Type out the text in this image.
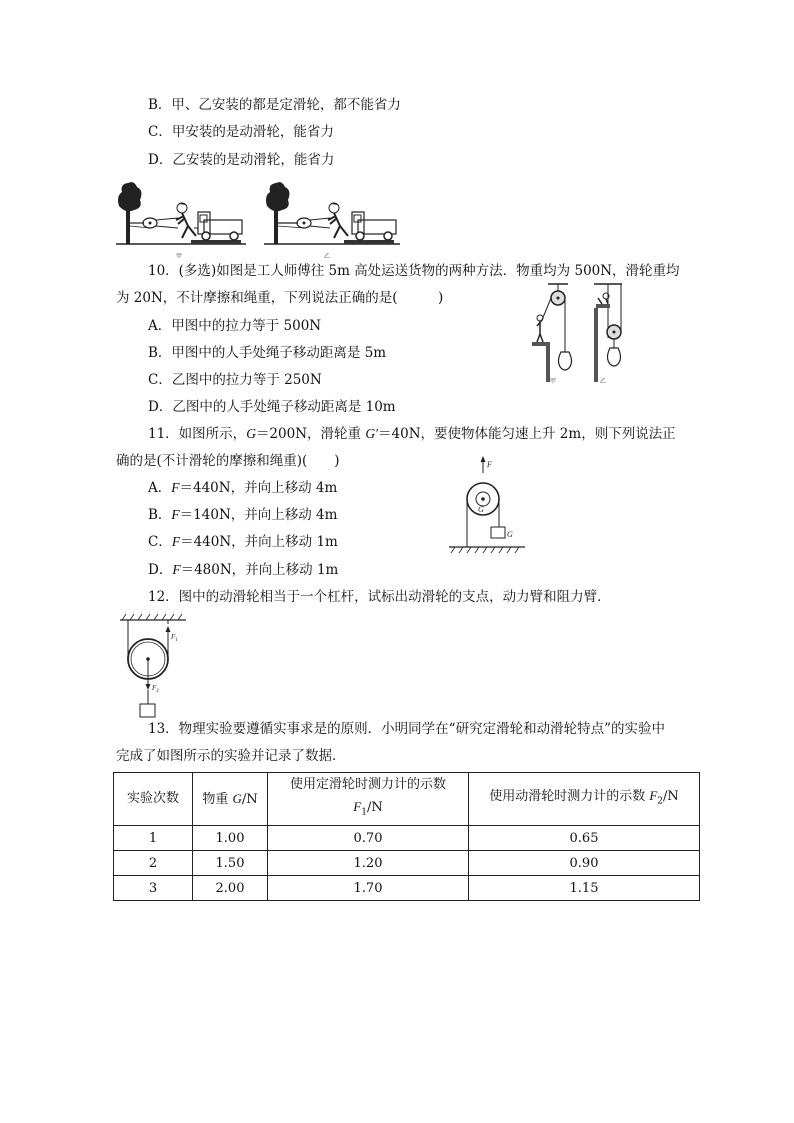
B．甲、乙安装的都是定滑轮，都不能省力
C．甲安装的是动滑轮，能省力
D．乙安装的是动滑轮，能省力
甲	乙
10．(多选)如图是工人师傅往 5m 高处运送货物的两种方法．物重均为 500N，滑轮重均
为 20N，不计摩擦和绳重，下列说法正确的是(　　　)
A．甲图中的拉力等于 500N
B．甲图中的人手处绳子移动距离是 5m
C．乙图中的拉力等于 250N
D．乙图中的人手处绳子移动距离是 10m
甲	乙
11．如图所示，G＝200N，滑轮重 G′＝40N，要使物体能匀速上升 2m，则下列说法正
确的是(不计滑轮的摩擦和绳重)(　　)
A．F＝440N，并向上移动 4m
B．F＝140N，并向上移动 4m
C．F＝440N，并向上移动 1m
D．F＝480N，并向上移动 1m
F
G
G
12．图中的动滑轮相当于一个杠杆，试标出动滑轮的支点，动力臂和阻力臂．
$F_1$
$F_2$
13．物理实验要遵循实事求是的原则．小明同学在“研究定滑轮和动滑轮特点”的实验中
完成了如图所示的实验并记录了数据．
实验次数	物重 G/N	使用定滑轮时测力计的示数
$F_1/N$	使用动滑轮时测力计的示数 $F_2/N$
1	1.00	0.70	0.65
2	1.50	1.20	0.90
3	2.00	1.70	1.15
